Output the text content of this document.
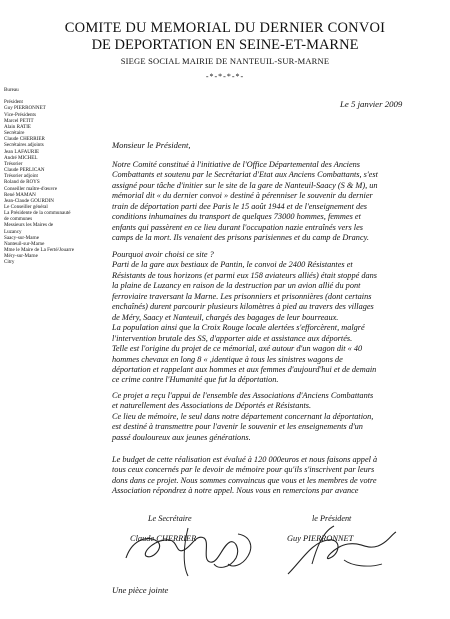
COMITE DU MEMORIAL DU DERNIER CONVOI
DE DEPORTATION EN SEINE-ET-MARNE
SIEGE SOCIAL MAIRIE DE NANTEUIL-SUR-MARNE
-*-*-*-*-
Bureau

Président
Guy PIERRONNET
Vice-Présidents
Marcel PETIT
Alain RATIE
Secrétaire
Claude CHERRIER
Secrétaires adjoints
Jean LAFAURIE
André MICHEL
Trésorier
Claude PERLICAN
Trésorier adjoint
Roland de ROYS
Conseiller maître-d'œuvre
René MAMAN
Jean-Claude GOURDIN
Le Conseiller général
La Présidente de la communauté
de communes
Messieurs les Maires de
Luzancy
Saacy-sur-Marne
Nanteuil-sur-Marne
Mme le Maire de La Ferté/Jouarre
Méry-sur-Marne
Citry
Le 5 janvier 2009
Monsieur le Président,
Notre Comité constitué à l'initiative de l'Office Départemental des Anciens
Combattants et soutenu par le Secrétariat d'Etat aux Anciens Combattants, s'est
assigné pour tâche d'initier sur le site de la gare de Nanteuil-Saacy (S & M), un
mémorial dit « du dernier convoi » destiné à pérenniser le souvenir du dernier
train de déportation parti dee Paris le 15 août 1944 et de l'enseignement des
conditions inhumaines du transport de quelques 73000 hommes, femmes et
enfants qui passèrent en ce lieu durant l'occupation nazie entraînés vers les
camps de la mort. Ils venaient des prisons parisiennes et du camp de Drancy.
Pourquoi avoir choisi ce site ?
Parti de la gare aux bestiaux de Pantin, le convoi de 2400 Résistantes et
Résistants de tous horizons (et parmi eux 158 aviateurs alliés) était stoppé dans
la plaine de Luzancy en raison de la destruction par un avion allié du pont
ferroviaire traversant la Marne. Les prisonniers et prisonnières (dont certains
enchaînés) durent parcourir plusieurs kilomètres à pied au travers des villages
de Méry, Saacy et Nanteuil, chargés des bagages de leur bourreaux.
La population ainsi que la Croix Rouge locale alertées s'efforcèrent, malgré
l'intervention brutale des SS, d'apporter aide et assistance aux déportés.
Telle est l'origine du projet de ce mémorial, axé autour d'un wagon dit « 40
hommes chevaux en long 8 « ,identique à tous les sinistres wagons de
déportation et rappelant aux hommes et aux femmes d'aujourd'hui et de demain
ce crime contre l'Humanité que fut la déportation.
Ce projet a reçu l'appui de l'ensemble des Associations d'Anciens Combattants
et naturellement des Associations de Déportés et Résistants.
Ce lieu de mémoire, le seul dans notre département concernant la déportation,
est destiné à transmettre pour l'avenir le souvenir et les enseignements d'un
passé douloureux aux jeunes générations.
Le budget de cette réalisation est évalué à 120 000euros et nous faisons appel à
tous ceux concernés par le devoir de mémoire pour qu'ils s'inscrivent par leurs
dons dans ce projet. Nous sommes convaincus que vous et les membres de votre
Association répondrez à notre appel. Nous vous en remercions par avance
Le Secrétaire	le Président
Claude CHERRIER	Guy PIERRONNET
Une pièce jointe
